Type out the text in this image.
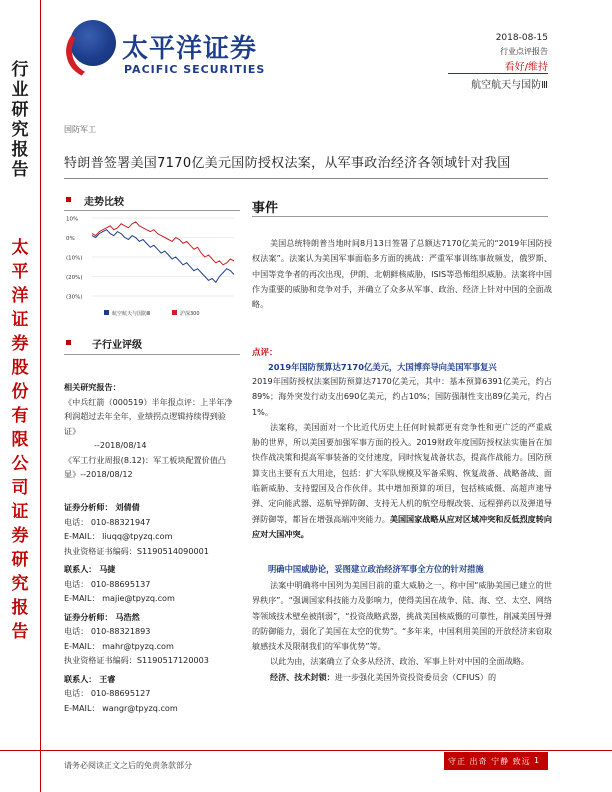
行
业
研
究
报
告
太
平
洋
证
券
股
份
有
限
公
司
证
券
研
究
报
告
太平洋证券
PACIFIC SECURITIES
2018-08-15
行业点评报告
看好/维持
航空航天与国防Ⅲ
国防军工
特朗普签署美国7170亿美元国防授权法案，从军事政治经济各领域针对我国
走势比较
10%
0%
(10%)
(20%)
(30%)
航空航天与国防Ⅲ	沪深300
子行业评级
相关研究报告：
《中兵红箭（000519）半年报点评：上半年净利润超过去年全年，业绩拐点逻辑持续得到验证》
--2018/08/14
《军工行业周报(8.12)：军工板块配置价值凸显》--2018/08/12
证券分析师： 刘倩倩
电话： 010-88321947
E-MAIL： liuqq@tpyzq.com
执业资格证书编码：S1190514090001
联系人： 马捷
电话： 010-88695137
E-MAIL： majie@tpyzq.com
证券分析师： 马浩然
电话： 010-88321893
E-MAIL： mahr@tpyzq.com
执业资格证书编码：S1190517120003
联系人： 王睿
电话： 010-88695127
E-MAIL： wangr@tpyzq.com
事件

美国总统特朗普当地时间8月13日签署了总额达7170亿美元的“2019年国防授权法案”。法案认为美国军事面临多方面的挑战：严重军事训练事故频发，俄罗斯、中国等竞争者的再次出现，伊朗、北朝鲜核威胁，ISIS等恐怖组织威胁。法案将中国作为重要的威胁和竞争对手，并确立了众多从军事、政治、经济上针对中国的全面战略。

点评：
2019年国防预算达7170亿美元，大国博弈导向美国军事复兴
2019年国防授权法案国防预算达7170亿美元，其中：基本预算6391亿美元，约占89%；海外突发行动支出690亿美元，约占10%；国防强制性支出89亿美元，约占1%。

法案称，美国面对一个比近代历史上任何时候都更有竞争性和更广泛的严重威胁的世界，所以美国要加强军事方面的投入。2019财政年度国防授权法实施旨在加快作战决策和提高军事装备的交付速度，同时恢复战备状态，提高作战能力。国防预算支出主要有五大用途，包括：扩大军队规模及军备采购、恢复战备、战略备战、面临新威胁、支持盟国及合作伙伴。其中增加预算的项目，包括核威慑、高超声速导弹、定向能武器、巡航导弹防御、支持无人机的航空母舰改装、远程弹药以及弹道导弹防御等，都旨在增强高端冲突能力。美国国家战略从应对区域冲突和反低烈度转向应对大国冲突。

明确中国威胁论，妥图建立政治经济军事全方位的针对措施

法案中明确将中国列为美国目前的重大威胁之一，称中国“威胁美国已建立的世界秩序”。“强调国家科技能力及影响力，使得美国在战争、陆、海、空、太空、网络等领域技术壁垒被削弱”，“投资战略武器，挑战美国核威慑的可靠性，削减美国导弹的防御能力，弱化了美国在太空的优势”。“多年来，中国利用美国的开放经济来窃取敏感技术及限制我们的军事优势”等。

以此为由，法案确立了众多从经济、政治、军事上针对中国的全面战略。

经济、技术封锁：进一步强化美国外资投资委员会（CFIUS）的

请务必阅读正文之后的免责条款部分	守正 出奇 宁静 致远 1
